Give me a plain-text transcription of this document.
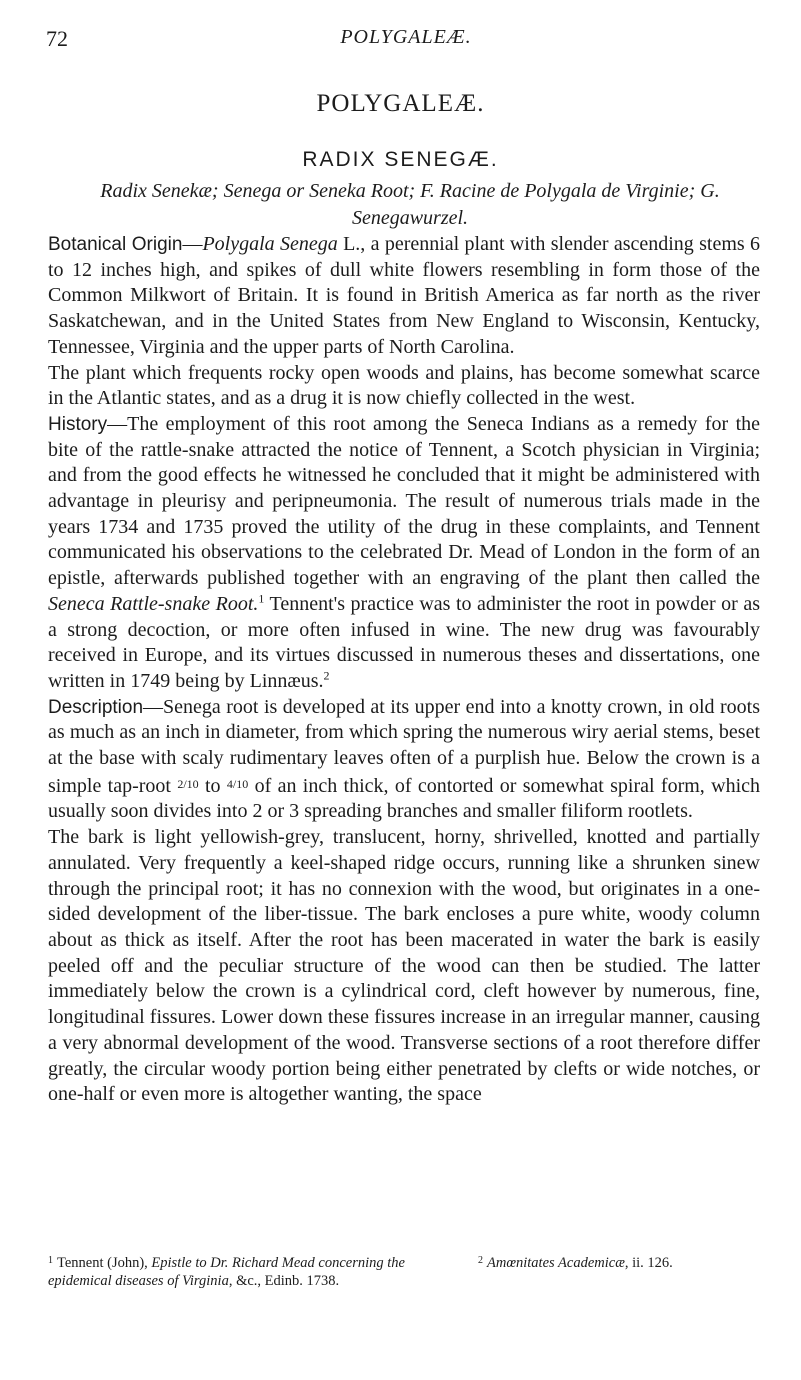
72	POLYGALEÆ.
POLYGALEÆ.
RADIX SENEGÆ.
Radix Senekæ; Senega or Seneka Root; F. Racine de Polygala de Virginie; G. Senegawurzel.

Botanical Origin—Polygala Senega L., a perennial plant with slender ascending stems 6 to 12 inches high, and spikes of dull white flowers resembling in form those of the Common Milkwort of Britain. It is found in British America as far north as the river Saskatchewan, and in the United States from New England to Wisconsin, Kentucky, Tennessee, Virginia and the upper parts of North Carolina.

The plant which frequents rocky open woods and plains, has become somewhat scarce in the Atlantic states, and as a drug it is now chiefly collected in the west.

History—The employment of this root among the Seneca Indians as a remedy for the bite of the rattle-snake attracted the notice of Tennent, a Scotch physician in Virginia; and from the good effects he witnessed he concluded that it might be administered with advantage in pleurisy and peripneumonia. The result of numerous trials made in the years 1734 and 1735 proved the utility of the drug in these complaints, and Tennent communicated his observations to the celebrated Dr. Mead of London in the form of an epistle, afterwards published together with an engraving of the plant then called the Seneca Rattle-snake Root.$^1$ Tennent's practice was to administer the root in powder or as a strong decoction, or more often infused in wine. The new drug was favourably received in Europe, and its virtues discussed in numerous theses and dissertations, one written in 1749 being by Linnæus.$^2$

Description—Senega root is developed at its upper end into a knotty crown, in old roots as much as an inch in diameter, from which spring the numerous wiry aerial stems, beset at the base with scaly rudimentary leaves often of a purplish hue. Below the crown is a simple tap-root $^{2/10}$ to $^{4/10}$ of an inch thick, of contorted or somewhat spiral form, which usually soon divides into 2 or 3 spreading branches and smaller filiform rootlets.

The bark is light yellowish-grey, translucent, horny, shrivelled, knotted and partially annulated. Very frequently a keel-shaped ridge occurs, running like a shrunken sinew through the principal root; it has no connexion with the wood, but originates in a one-sided development of the liber-tissue. The bark encloses a pure white, woody column about as thick as itself. After the root has been macerated in water the bark is easily peeled off and the peculiar structure of the wood can then be studied. The latter immediately below the crown is a cylindrical cord, cleft however by numerous, fine, longitudinal fissures. Lower down these fissures increase in an irregular manner, causing a very abnormal development of the wood. Transverse sections of a root therefore differ greatly, the circular woody portion being either penetrated by clefts or wide notches, or one-half or even more is altogether wanting, the space

$^1$ Tennent (John), Epistle to Dr. Richard Mead concerning the epidemical diseases of Virginia, &c., Edinb. 1738.
$^2$ Amœnitates Academicæ, ii. 126.
